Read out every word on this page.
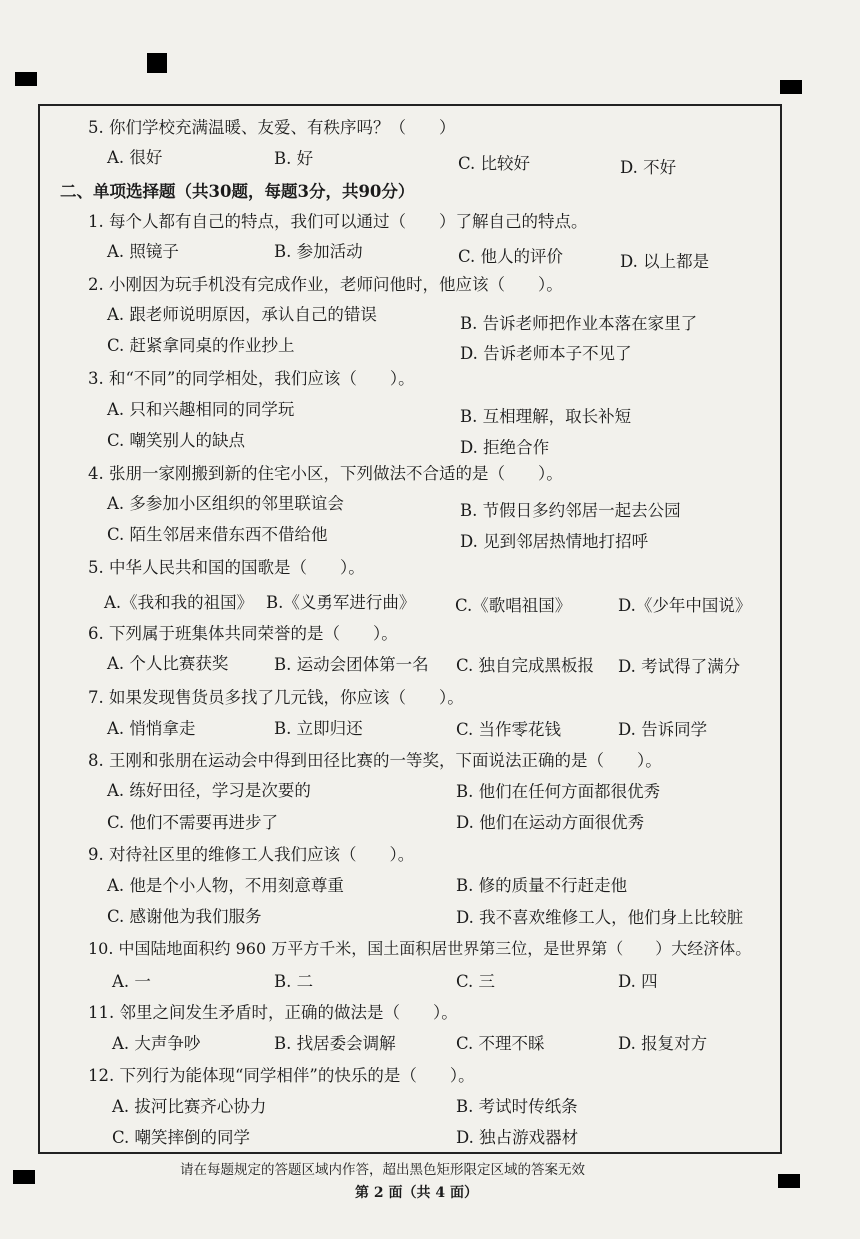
5. 你们学校充满温暖、友爱、有秩序吗？（　　）
A. 很好	B. 好	C. 比较好	D. 不好
二、单项选择题（共30题，每题3分，共90分）
1. 每个人都有自己的特点，我们可以通过（　　）了解自己的特点。
A. 照镜子	B. 参加活动	C. 他人的评价	D. 以上都是
2. 小刚因为玩手机没有完成作业，老师问他时，他应该（　　）。
A. 跟老师说明原因，承认自己的错误	B. 告诉老师把作业本落在家里了
C. 赶紧拿同桌的作业抄上	D. 告诉老师本子不见了
3. 和“不同”的同学相处，我们应该（　　）。
A. 只和兴趣相同的同学玩	B. 互相理解，取长补短
C. 嘲笑别人的缺点	D. 拒绝合作
4. 张朋一家刚搬到新的住宅小区，下列做法不合适的是（　　）。
A. 多参加小区组织的邻里联谊会	B. 节假日多约邻居一起去公园
C. 陌生邻居来借东西不借给他	D. 见到邻居热情地打招呼
5. 中华人民共和国的国歌是（　　）。
A.《我和我的祖国》 B.《义勇军进行曲》 C.《歌唱祖国》	D.《少年中国说》
6. 下列属于班集体共同荣誉的是（　　）。
A. 个人比赛获奖	B. 运动会团体第一名 C. 独自完成黑板报 D. 考试得了满分
7. 如果发现售货员多找了几元钱，你应该（　　）。
A. 悄悄拿走	B. 立即归还	C. 当作零花钱	D. 告诉同学
8. 王刚和张朋在运动会中得到田径比赛的一等奖，下面说法正确的是（　　）。
A. 练好田径，学习是次要的	B. 他们在任何方面都很优秀
C. 他们不需要再进步了	D. 他们在运动方面很优秀
9. 对待社区里的维修工人我们应该（　　）。
A. 他是个小人物，不用刻意尊重	B. 修的质量不行赶走他
C. 感谢他为我们服务	D. 我不喜欢维修工人，他们身上比较脏
10. 中国陆地面积约 960 万平方千米，国土面积居世界第三位，是世界第（　　）大经济体。
A. 一	B. 二	C. 三	D. 四
11. 邻里之间发生矛盾时，正确的做法是（　　）。
A. 大声争吵	B. 找居委会调解	C. 不理不睬	D. 报复对方
12. 下列行为能体现“同学相伴”的快乐的是（　　）。
A. 拔河比赛齐心协力	B. 考试时传纸条
C. 嘲笑摔倒的同学	D. 独占游戏器材
请在每题规定的答题区域内作答，超出黑色矩形限定区域的答案无效
第 2 面（共 4 面）
